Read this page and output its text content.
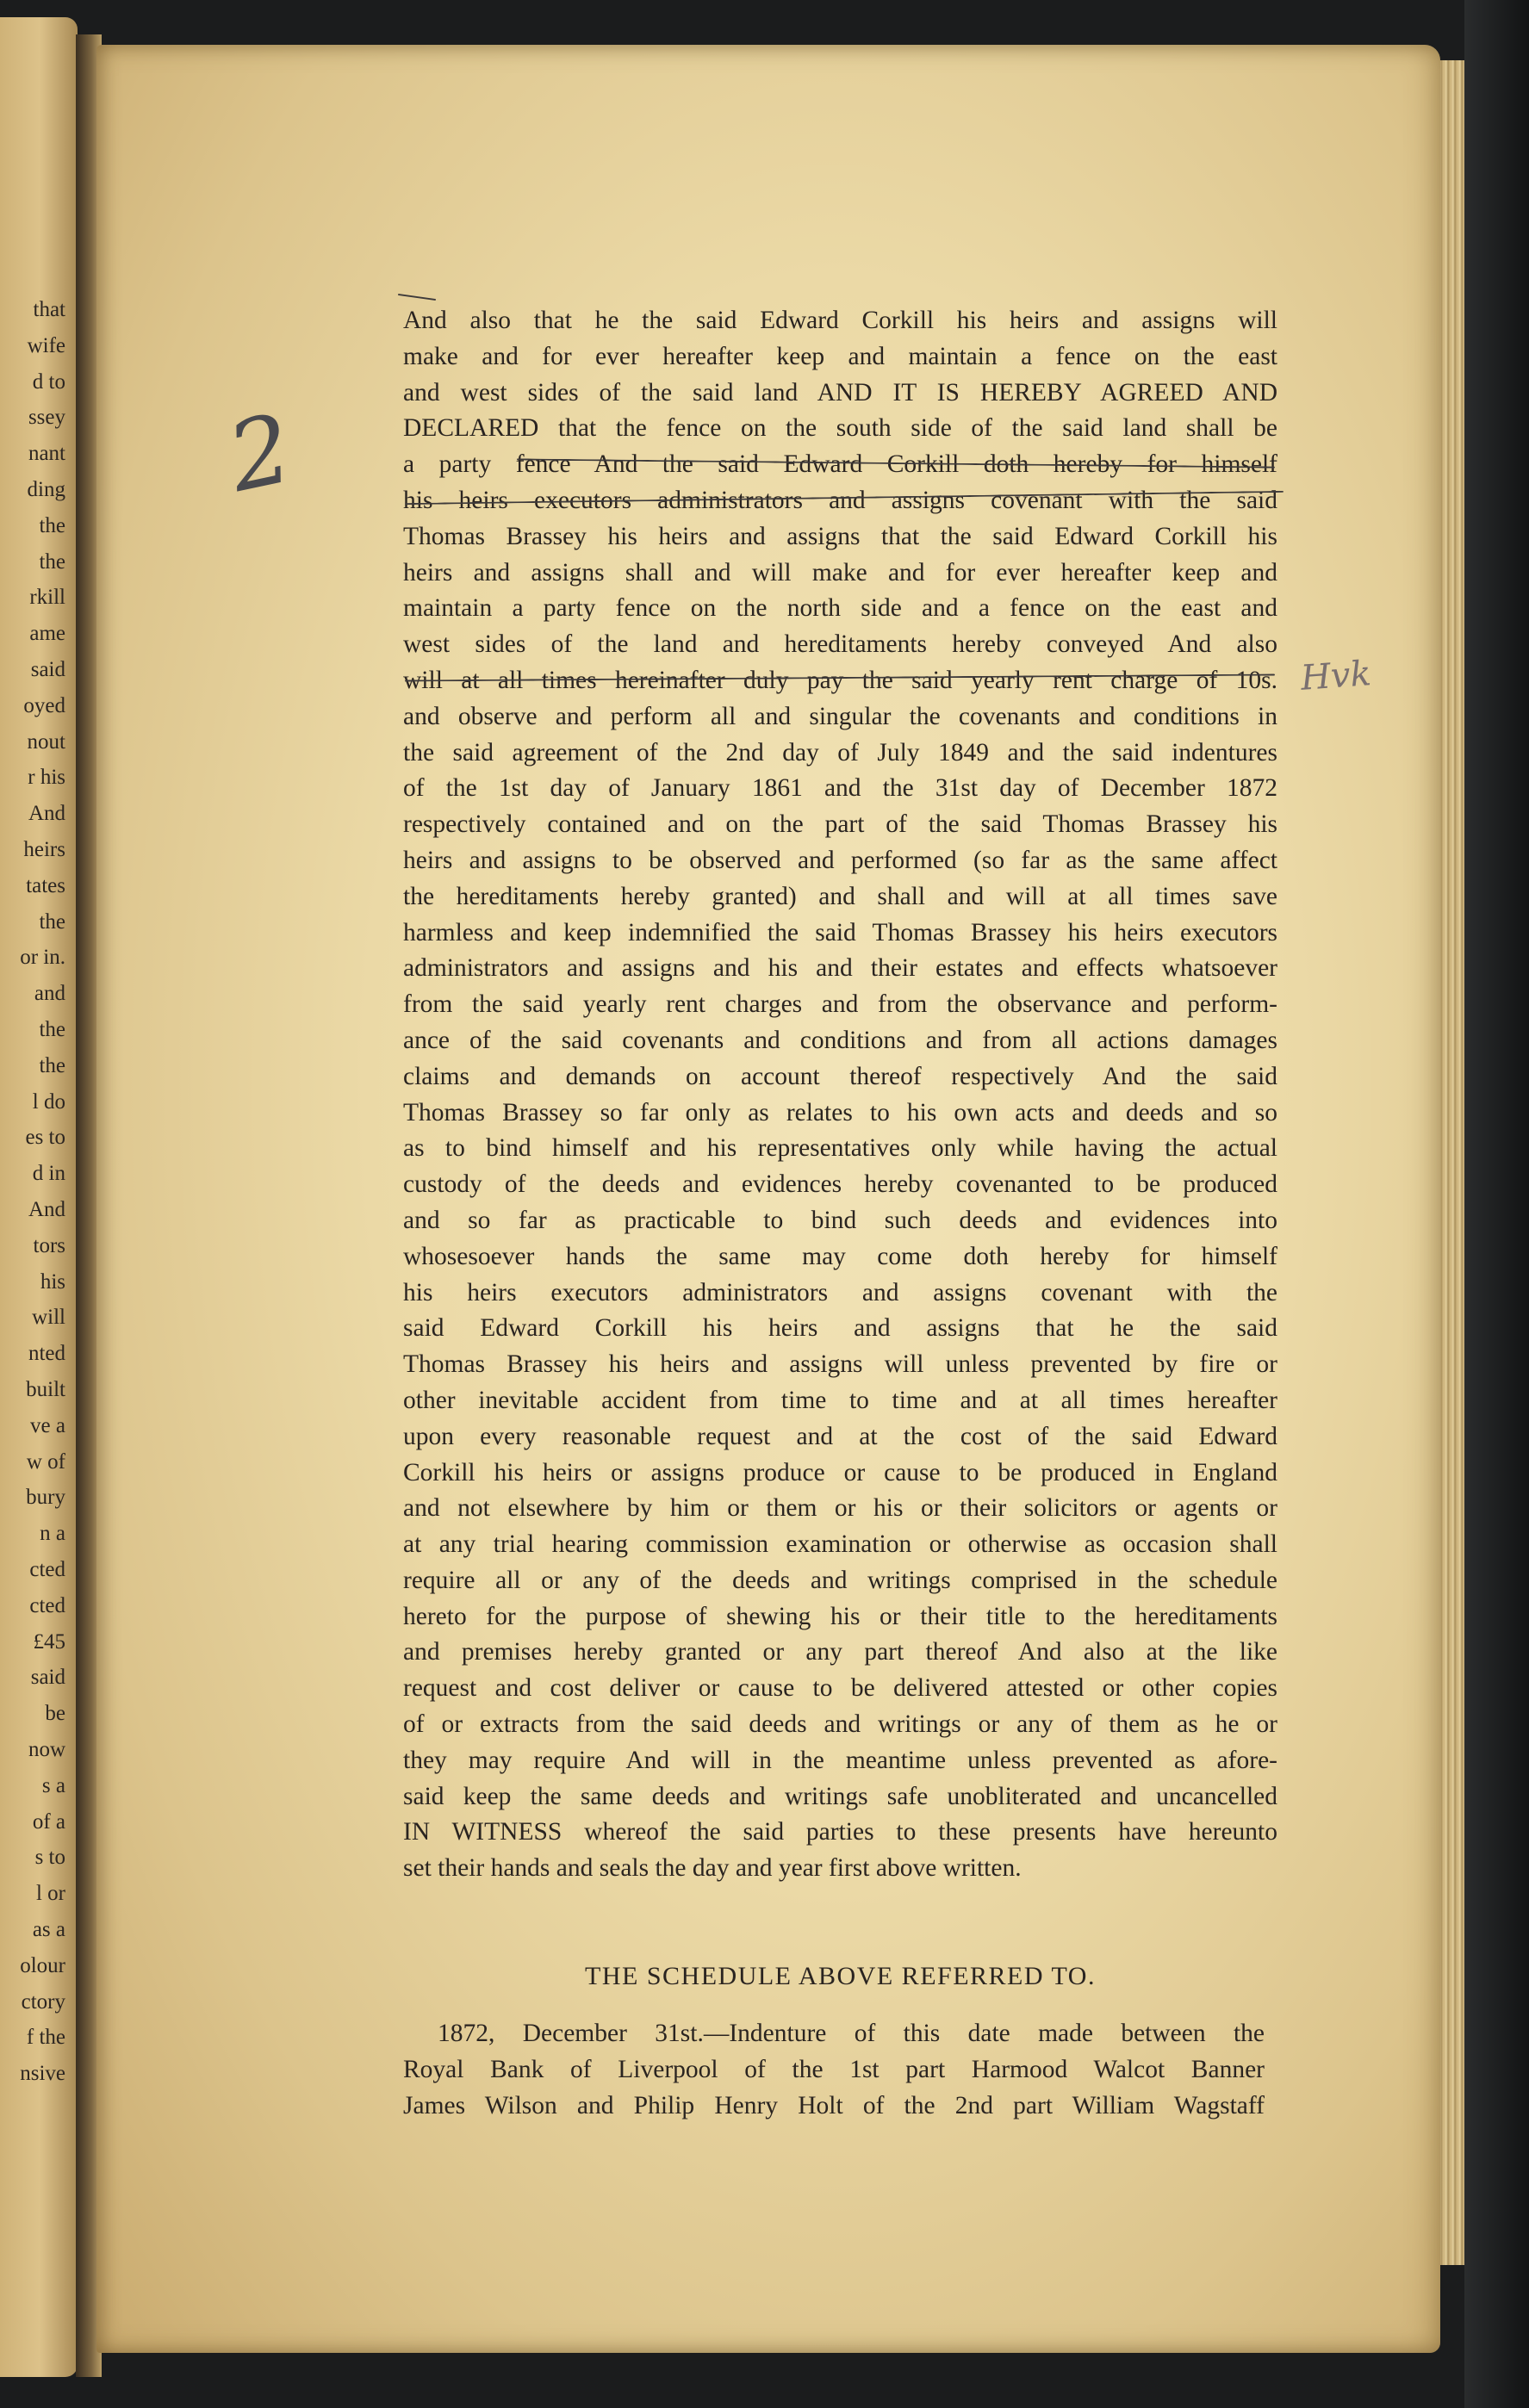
that
wife
d to
ssey
nant
ding
the
the
rkill
ame
said
oyed
nout
r his
And
heirs
tates
the
or in.
and
the
the
l do
es to
d in
And
tors
his
will
nted
built
ve a
w of
bury
n a
cted
cted
£45
said
be
now
s a
of a
s to
l or
as a
olour
ctory
f the
nsive
2
And also that he the said Edward Corkill his heirs and assigns will
make and for ever hereafter keep and maintain a fence on the east
and west sides of the said land AND IT IS HEREBY AGREED AND
DECLARED that the fence on the south side of the said land shall be
a party fence And the said Edward Corkill doth hereby for himself
his heirs executors administrators and assigns covenant with the said
Thomas Brassey his heirs and assigns that the said Edward Corkill his
heirs and assigns shall and will make and for ever hereafter keep and
maintain a party fence on the north side and a fence on the east and
west sides of the land and hereditaments hereby conveyed And also
will at all times hereinafter duly pay the said yearly rent charge of 10s.
and observe and perform all and singular the covenants and conditions in
the said agreement of the 2nd day of July 1849 and the said indentures
of the 1st day of January 1861 and the 31st day of December 1872
respectively contained and on the part of the said Thomas Brassey his
heirs and assigns to be observed and performed (so far as the same affect
the hereditaments hereby granted) and shall and will at all times save
harmless and keep indemnified the said Thomas Brassey his heirs executors
administrators and assigns and his and their estates and effects whatsoever
from the said yearly rent charges and from the observance and perform-
ance of the said covenants and conditions and from all actions damages
claims and demands on account thereof respectively And the said
Thomas Brassey so far only as relates to his own acts and deeds and so
as to bind himself and his representatives only while having the actual
custody of the deeds and evidences hereby covenanted to be produced
and so far as practicable to bind such deeds and evidences into
whosesoever hands the same may come doth hereby for himself
his heirs executors administrators and assigns covenant with the
said Edward Corkill his heirs and assigns that he the said
Thomas Brassey his heirs and assigns will unless prevented by fire or
other inevitable accident from time to time and at all times hereafter
upon every reasonable request and at the cost of the said Edward
Corkill his heirs or assigns produce or cause to be produced in England
and not elsewhere by him or them or his or their solicitors or agents or
at any trial hearing commission examination or otherwise as occasion shall
require all or any of the deeds and writings comprised in the schedule
hereto for the purpose of shewing his or their title to the hereditaments
and premises hereby granted or any part thereof And also at the like
request and cost deliver or cause to be delivered attested or other copies
of or extracts from the said deeds and writings or any of them as he or
they may require And will in the meantime unless prevented as afore-
said keep the same deeds and writings safe unobliterated and uncancelled
IN WITNESS whereof the said parties to these presents have hereunto
set their hands and seals the day and year first above written.
Hvk
THE SCHEDULE ABOVE REFERRED TO.
1872, December 31st.—Indenture of this date made between the
Royal Bank of Liverpool of the 1st part Harmood Walcot Banner
James Wilson and Philip Henry Holt of the 2nd part William Wagstaff
